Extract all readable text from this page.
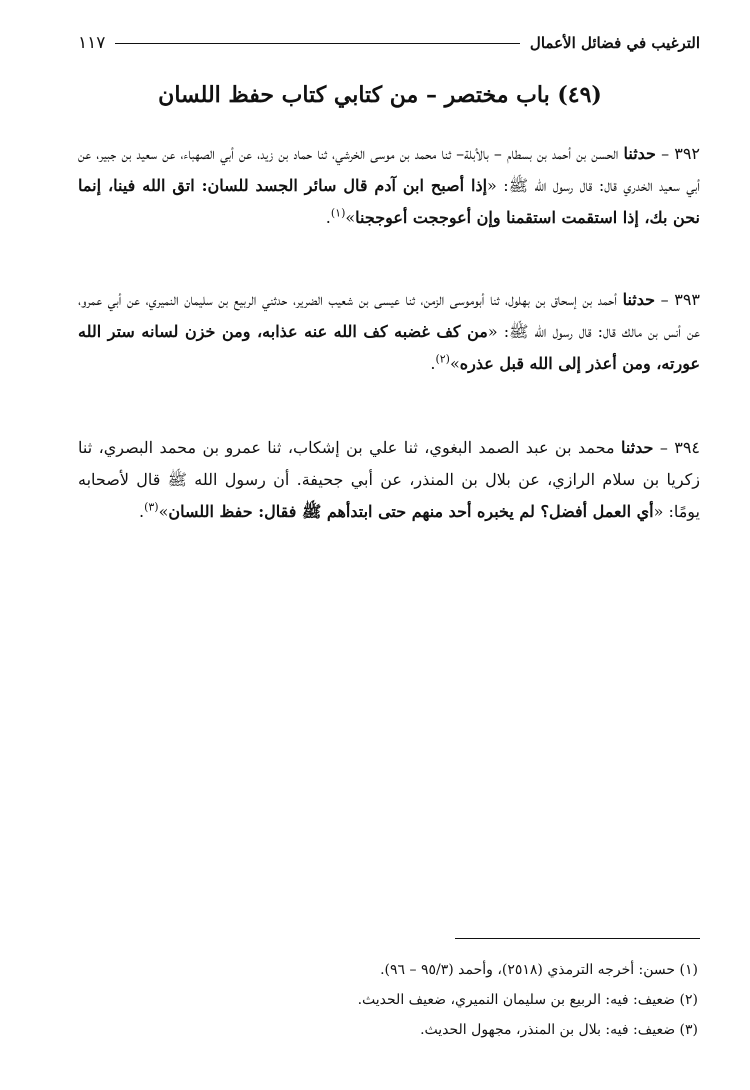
١١٧	الترغيب في فضائل الأعمال
(٤٩) باب مختصر – من كتابي كتاب حفظ اللسان

٣٩٢ – حدثنا الحسن بن أحمد بن بسطام – بالأبلة– ثنا محمد بن موسى الخرشي، ثنا حماد بن زيد، عن أبي الصهباء، عن سعيد بن جبير، عن أبي سعيد الخدري قال: قال رسول الله ﷺ: «إذا أصبح ابن آدم قال سائر الجسد للسان: اتق الله فينا، إنما نحن بك، إذا استقمت استقمنا وإن أعوججت أعوججنا»$^{(١)}$.

٣٩٣ – حدثنا أحمد بن إسحاق بن بهلول، ثنا أبوموسى الزمن، ثنا عيسى بن شعيب الضرير، حدثني الربيع بن سليمان النميري، عن أبي عمرو، عن أنس بن مالك قال: قال رسول الله ﷺ: «من كف غضبه كف الله عنه عذابه، ومن خزن لسانه ستر الله عورته، ومن أعذر إلى الله قبل عذره»$^{(٢)}$.

٣٩٤ – حدثنا محمد بن عبد الصمد البغوي، ثنا علي بن إشكاب، ثنا عمرو بن محمد البصري، ثنا زكريا بن سلام الرازي، عن بلال بن المنذر، عن أبي جحيفة. أن رسول الله ﷺ قال لأصحابه يومًا: «أي العمل أفضل؟ لم يخبره أحد منهم حتى ابتدأهم ﷺ فقال: حفظ اللسان»$^{(٣)}$.

(١) حسن: أخرجه الترمذي (٢٥١٨)، وأحمد (٩٥/٣ – ٩٦).
(٢) ضعيف: فيه: الربيع بن سليمان النميري، ضعيف الحديث.
(٣) ضعيف: فيه: بلال بن المنذر، مجهول الحديث.
